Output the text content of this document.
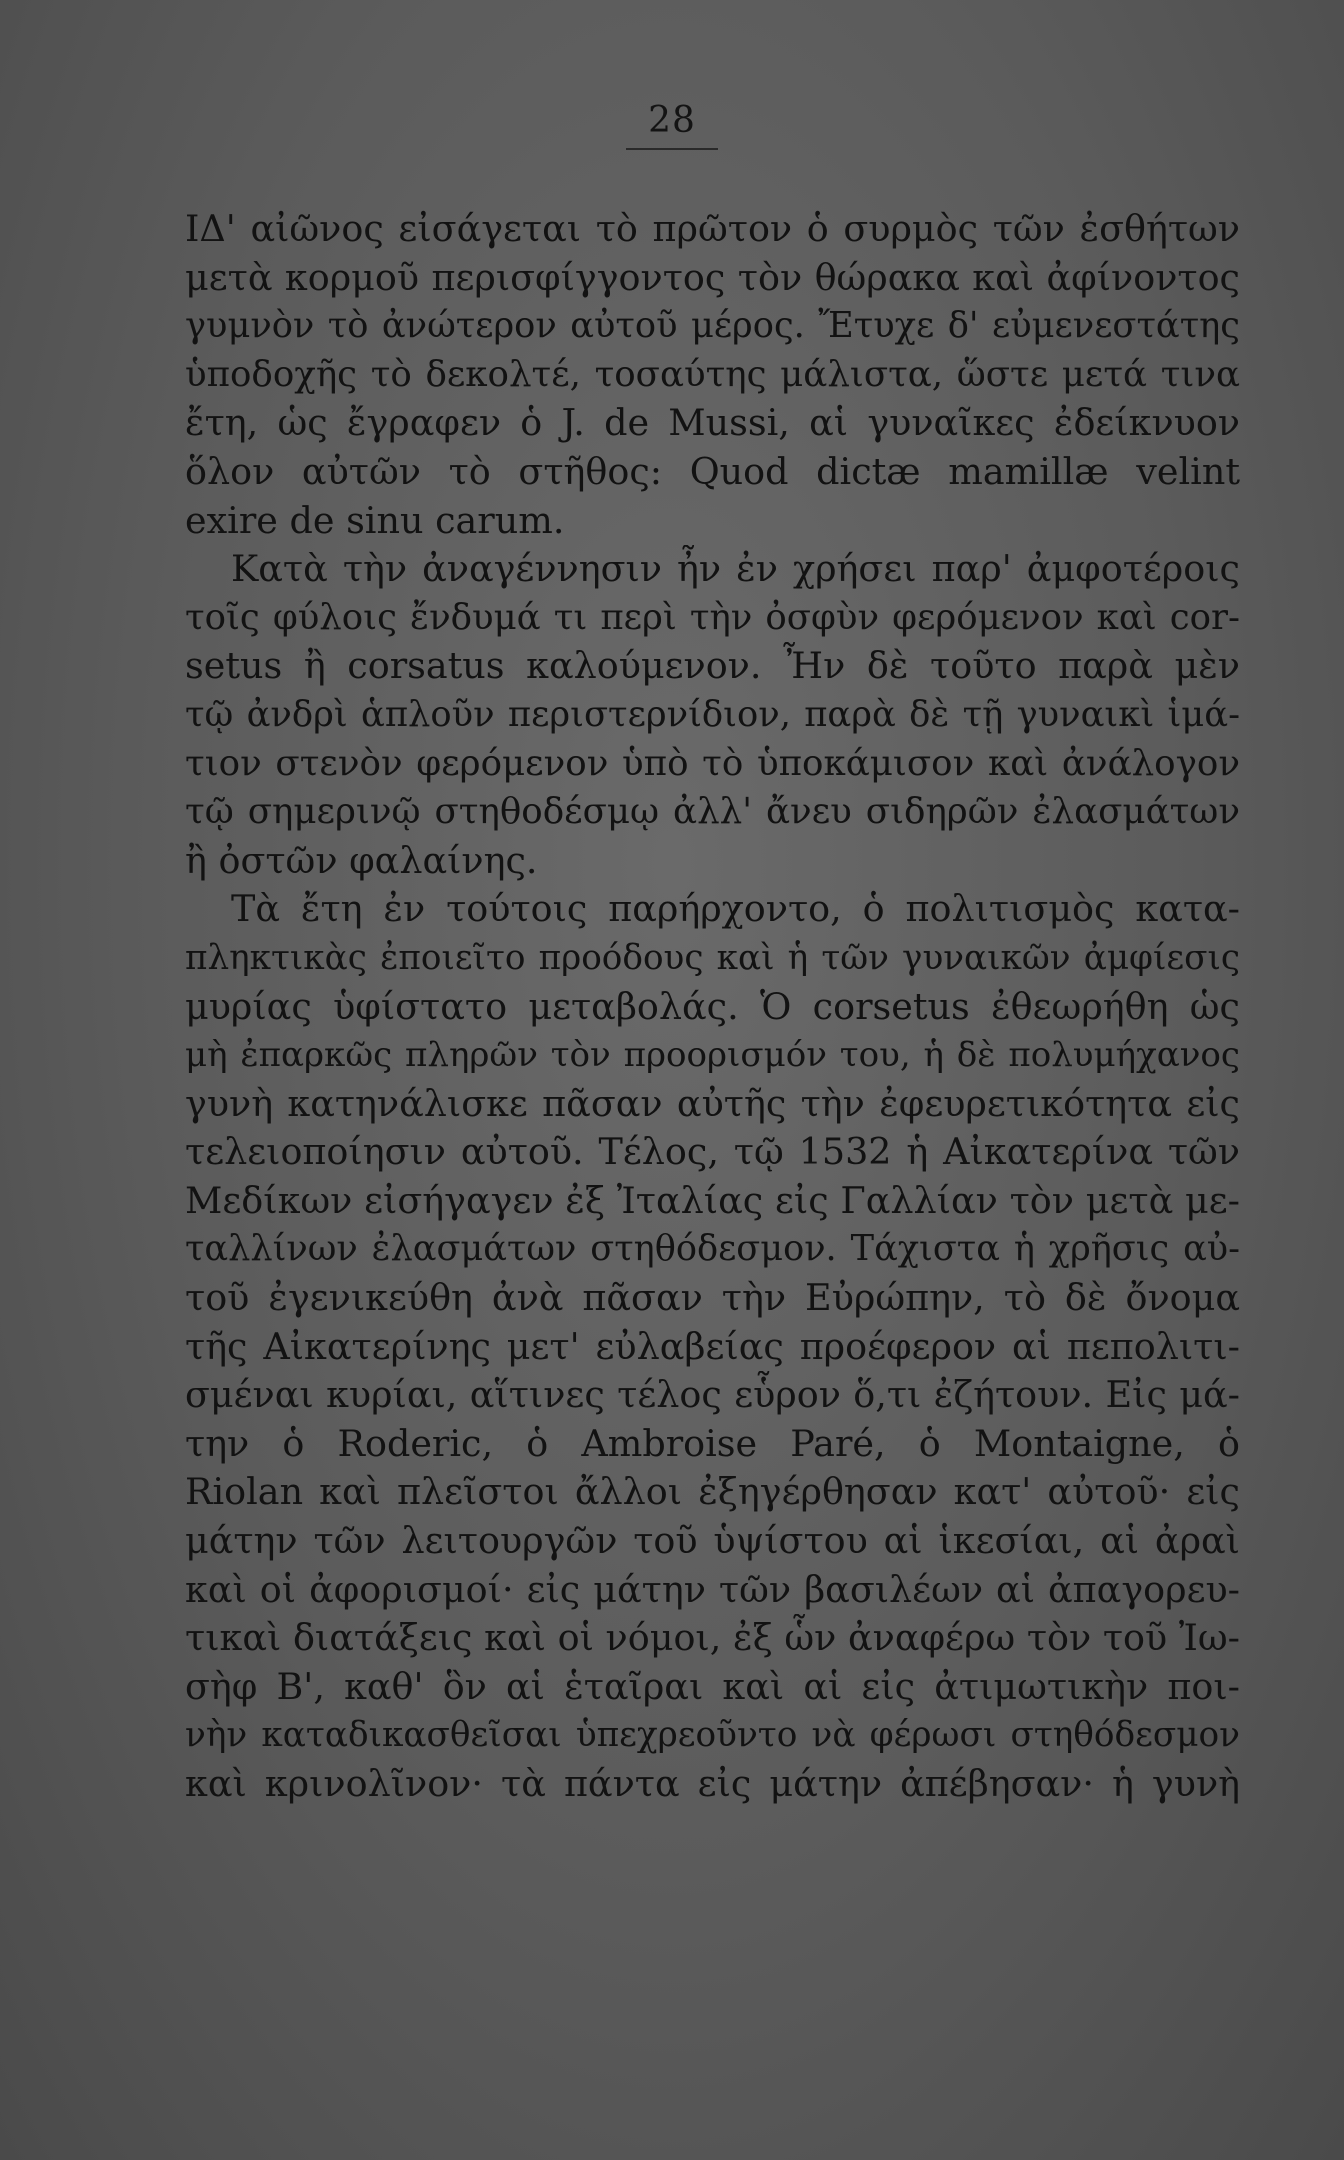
28
ΙΔ' αἰῶνος εἰσάγεται τὸ πρῶτον ὁ συρμὸς τῶν ἐσθήτων
μετὰ κορμοῦ περισφίγγοντος τὸν θώρακα καὶ ἀφίνοντος
γυμνὸν τὸ ἀνώτερον αὐτοῦ μέρος. Ἔτυχε δ' εὐμενεστάτης
ὑποδοχῆς τὸ δεκολτέ, τοσαύτης μάλιστα, ὥστε μετά τινα
ἔτη, ὡς ἔγραφεν ὁ J. de Mussi, αἱ γυναῖκες ἐδείκνυον
ὅλον αὐτῶν τὸ στῆθος: Quod dictæ mamillæ velint
exire de sinu carum.
Κατὰ τὴν ἀναγέννησιν ἦν ἐν χρήσει παρ' ἀμφοτέροις
τοῖς φύλοις ἔνδυμά τι περὶ τὴν ὀσφὺν φερόμενον καὶ cor-
setus ἢ corsatus καλούμενον. Ἦν δὲ τοῦτο παρὰ μὲν
τῷ ἀνδρὶ ἁπλοῦν περιστερνίδιον, παρὰ δὲ τῇ γυναικὶ ἱμά-
τιον στενὸν φερόμενον ὑπὸ τὸ ὑποκάμισον καὶ ἀνάλογον
τῷ σημερινῷ στηθοδέσμῳ ἀλλ' ἄνευ σιδηρῶν ἐλασμάτων
ἢ ὀστῶν φαλαίνης.
Τὰ ἔτη ἐν τούτοις παρήρχοντο, ὁ πολιτισμὸς κατα-
πληκτικὰς ἐποιεῖτο προόδους καὶ ἡ τῶν γυναικῶν ἀμφίεσις
μυρίας ὑφίστατο μεταβολάς. Ὁ corsetus ἐθεωρήθη ὡς
μὴ ἐπαρκῶς πληρῶν τὸν προορισμόν του, ἡ δὲ πολυμήχανος
γυνὴ κατηνάλισκε πᾶσαν αὐτῆς τὴν ἐφευρετικότητα εἰς
τελειοποίησιν αὐτοῦ. Τέλος, τῷ 1532 ἡ Αἰκατερίνα τῶν
Μεδίκων εἰσήγαγεν ἐξ Ἰταλίας εἰς Γαλλίαν τὸν μετὰ με-
ταλλίνων ἐλασμάτων στηθόδεσμον. Τάχιστα ἡ χρῆσις αὐ-
τοῦ ἐγενικεύθη ἀνὰ πᾶσαν τὴν Εὐρώπην, τὸ δὲ ὄνομα
τῆς Αἰκατερίνης μετ' εὐλαβείας προέφερον αἱ πεπολιτι-
σμέναι κυρίαι, αἵτινες τέλος εὗρον ὅ,τι ἐζήτουν. Εἰς μά-
την ὁ Roderic, ὁ Ambroise Paré, ὁ Montaigne, ὁ
Riolan καὶ πλεῖστοι ἄλλοι ἐξηγέρθησαν κατ' αὐτοῦ· εἰς
μάτην τῶν λειτουργῶν τοῦ ὑψίστου αἱ ἱκεσίαι, αἱ ἀραὶ
καὶ οἱ ἀφορισμοί· εἰς μάτην τῶν βασιλέων αἱ ἀπαγορευ-
τικαὶ διατάξεις καὶ οἱ νόμοι, ἐξ ὧν ἀναφέρω τὸν τοῦ Ἰω-
σὴφ Β', καθ' ὃν αἱ ἑταῖραι καὶ αἱ εἰς ἀτιμωτικὴν ποι-
νὴν καταδικασθεῖσαι ὑπεχρεοῦντο νὰ φέρωσι στηθόδεσμον
καὶ κρινολῖνον· τὰ πάντα εἰς μάτην ἀπέβησαν· ἡ γυνὴ
